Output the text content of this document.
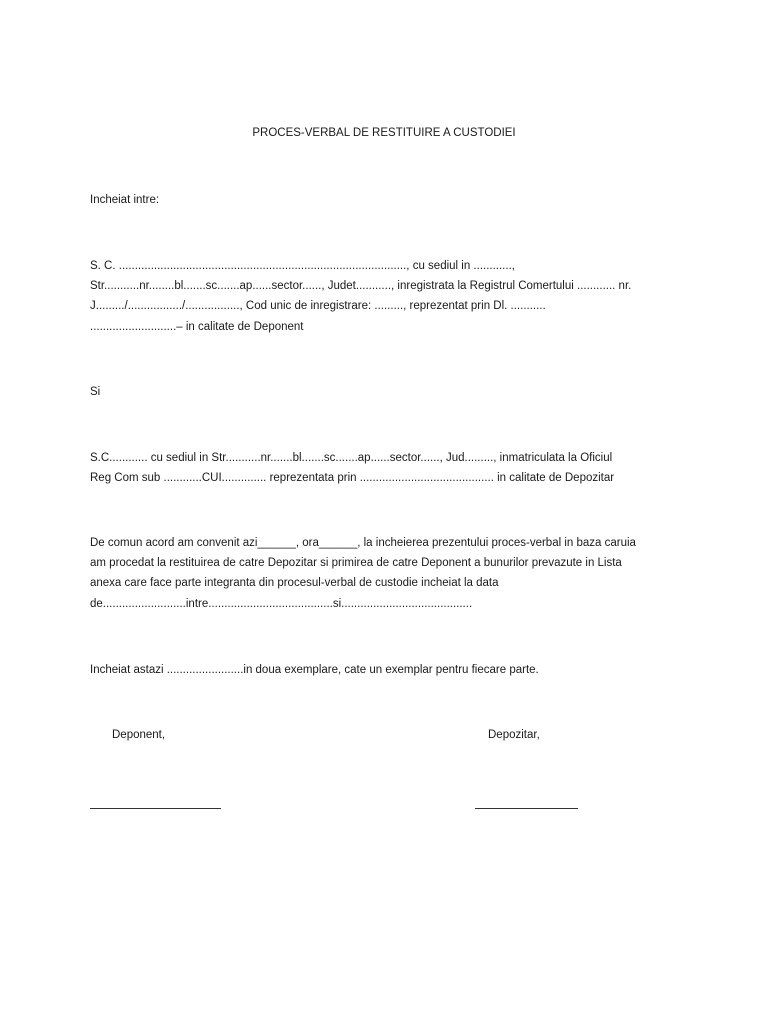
PROCES-VERBAL DE RESTITUIRE A CUSTODIEI
Incheiat intre:
S. C. .........................................................................................., cu sediul in ............,
Str...........nr........bl.......sc.......ap......sector......, Judet..........., inregistrata la Registrul Comertului ............ nr.
J........./................./................., Cod unic de inregistrare: ........., reprezentat prin Dl. ...........
...........................– in calitate de Deponent
Si
S.C............ cu sediul in Str...........nr.......bl.......sc.......ap......sector......, Jud........., inmatriculata la Oficiul
Reg Com sub ............CUI.............. reprezentata prin .......................................... in calitate de Depozitar
De comun acord am convenit azi______, ora______, la incheierea prezentului proces-verbal in baza caruia
am procedat la restituirea de catre Depozitar si primirea de catre Deponent a bunurilor prevazute in Lista
anexa care face parte integranta din procesul-verbal de custodie incheiat la data
de..........................intre.......................................si.........................................
Incheiat astazi ........................in doua exemplare, cate un exemplar pentru fiecare parte.
Deponent,	Depozitar,
